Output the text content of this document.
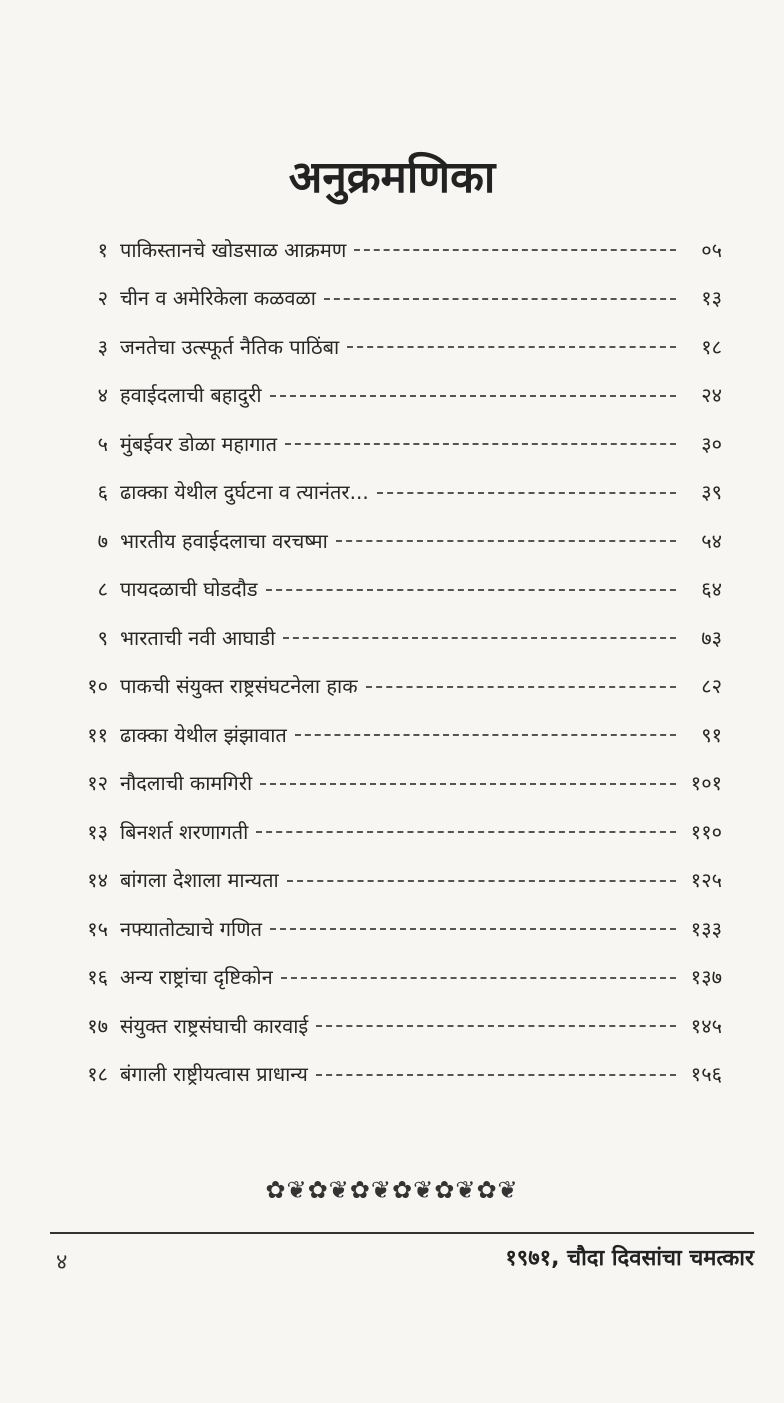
अनुक्रमणिका
१ पाकिस्तानचे खोडसाळ आक्रमण	०५
२ चीन व अमेरिकेला कळवळा	१३
३ जनतेचा उत्स्फूर्त नैतिक पाठिंबा	१८
४ हवाईदलाची बहादुरी	२४
५ मुंबईवर डोळा महागात	३०
६ ढाक्का येथील दुर्घटना व त्यानंतर...	३९
७ भारतीय हवाईदलाचा वरचष्मा	५४
८ पायदळाची घोडदौड	६४
९ भारताची नवी आघाडी	७३
१० पाकची संयुक्त राष्ट्रसंघटनेला हाक	८२
११ ढाक्का येथील झंझावात	९१
१२ नौदलाची कामगिरी	१०१
१३ बिनशर्त शरणागती	११०
१४ बांगला देशाला मान्यता	१२५
१५ नफ्यातोट्याचे गणित	१३३
१६ अन्य राष्ट्रांचा दृष्टिकोन	१३७
१७ संयुक्त राष्ट्रसंघाची कारवाई	१४५
१८ बंगाली राष्ट्रीयत्वास प्राधान्य	१५६
✿❦✿❦✿❦✿❦✿❦✿❦
४	१९७१, चौदा दिवसांचा चमत्कार
